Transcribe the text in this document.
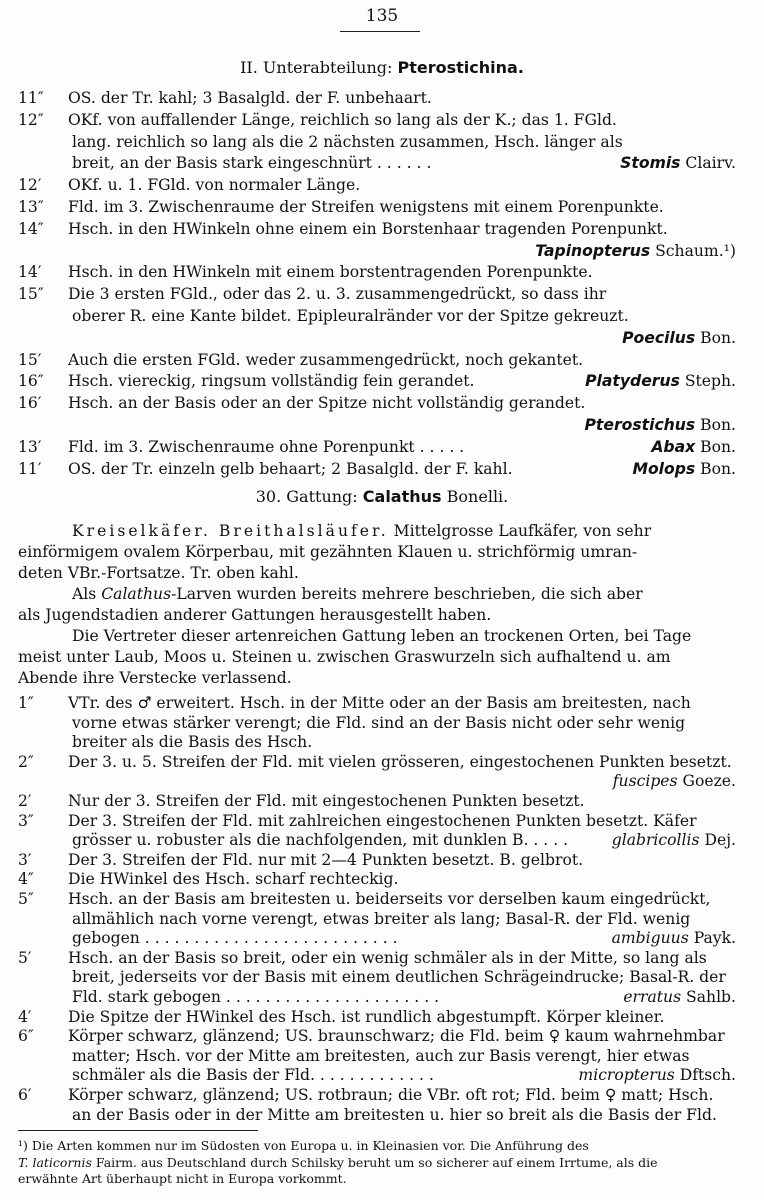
135
II. Unterabteilung: Pterostichina.
11″ OS. der Tr. kahl; 3 Basalgld. der F. unbehaart.
12″ OKf. von auffallender Länge, reichlich so lang als der K.; das 1. FGld.
lang. reichlich so lang als die 2 nächsten zusammen, Hsch. länger als
breit, an der Basis stark eingeschnürt . . . . . .	Stomis Clairv.
12′ OKf. u. 1. FGld. von normaler Länge.
13″ Fld. im 3. Zwischenraume der Streifen wenigstens mit einem Porenpunkte.
14″ Hsch. in den HWinkeln ohne einem ein Borstenhaar tragenden Porenpunkt.
Tapinopterus Schaum.¹)
14′ Hsch. in den HWinkeln mit einem borstentragenden Porenpunkte.
15″ Die 3 ersten FGld., oder das 2. u. 3. zusammengedrückt, so dass ihr
oberer R. eine Kante bildet. Epipleuralränder vor der Spitze gekreuzt.
Poecilus Bon.
15′ Auch die ersten FGld. weder zusammengedrückt, noch gekantet.
16″ Hsch. viereckig, ringsum vollständig fein gerandet.	Platyderus Steph.
16′ Hsch. an der Basis oder an der Spitze nicht vollständig gerandet.
Pterostichus Bon.
13′ Fld. im 3. Zwischenraume ohne Porenpunkt . . . . .	Abax Bon.
11′ OS. der Tr. einzeln gelb behaart; 2 Basalgld. der F. kahl.	Molops Bon.
30. Gattung: Calathus Bonelli.
Kreiselkäfer. Breithalsläufer. Mittelgrosse Laufkäfer, von sehr
einförmigem ovalem Körperbau, mit gezähnten Klauen u. strichförmig umran-
deten VBr.-Fortsatze. Tr. oben kahl.
Als Calathus-Larven wurden bereits mehrere beschrieben, die sich aber
als Jugendstadien anderer Gattungen herausgestellt haben.
Die Vertreter dieser artenreichen Gattung leben an trockenen Orten, bei Tage
meist unter Laub, Moos u. Steinen u. zwischen Graswurzeln sich aufhaltend u. am
Abende ihre Verstecke verlassend.
1″ VTr. des ♂ erweitert. Hsch. in der Mitte oder an der Basis am breitesten, nach
vorne etwas stärker verengt; die Fld. sind an der Basis nicht oder sehr wenig
breiter als die Basis des Hsch.
2″ Der 3. u. 5. Streifen der Fld. mit vielen grösseren, eingestochenen Punkten besetzt.
fuscipes Goeze.
2′ Nur der 3. Streifen der Fld. mit eingestochenen Punkten besetzt.
3″ Der 3. Streifen der Fld. mit zahlreichen eingestochenen Punkten besetzt. Käfer
grösser u. robuster als die nachfolgenden, mit dunklen B. . . . .	glabricollis Dej.
3′ Der 3. Streifen der Fld. nur mit 2—4 Punkten besetzt. B. gelbrot.
4″ Die HWinkel des Hsch. scharf rechteckig.
5″ Hsch. an der Basis am breitesten u. beiderseits vor derselben kaum eingedrückt,
allmählich nach vorne verengt, etwas breiter als lang; Basal-R. der Fld. wenig
gebogen . . . . . . . . . . . . . . . . . . . . . . . . . .	ambiguus Payk.
5′ Hsch. an der Basis so breit, oder ein wenig schmäler als in der Mitte, so lang als
breit, jederseits vor der Basis mit einem deutlichen Schrägeindrucke; Basal-R. der
Fld. stark gebogen . . . . . . . . . . . . . . . . . . . . . .	erratus Sahlb.
4′ Die Spitze der HWinkel des Hsch. ist rundlich abgestumpft. Körper kleiner.
6″ Körper schwarz, glänzend; US. braunschwarz; die Fld. beim ♀ kaum wahrnehmbar
matter; Hsch. vor der Mitte am breitesten, auch zur Basis verengt, hier etwas
schmäler als die Basis der Fld. . . . . . . . . . . . .	micropterus Dftsch.
6′ Körper schwarz, glänzend; US. rotbraun; die VBr. oft rot; Fld. beim ♀ matt; Hsch.
an der Basis oder in der Mitte am breitesten u. hier so breit als die Basis der Fld.
¹) Die Arten kommen nur im Südosten von Europa u. in Kleinasien vor. Die Anführung des
T. laticornis Fairm. aus Deutschland durch Schilsky beruht um so sicherer auf einem Irrtume, als die
erwähnte Art überhaupt nicht in Europa vorkommt.
